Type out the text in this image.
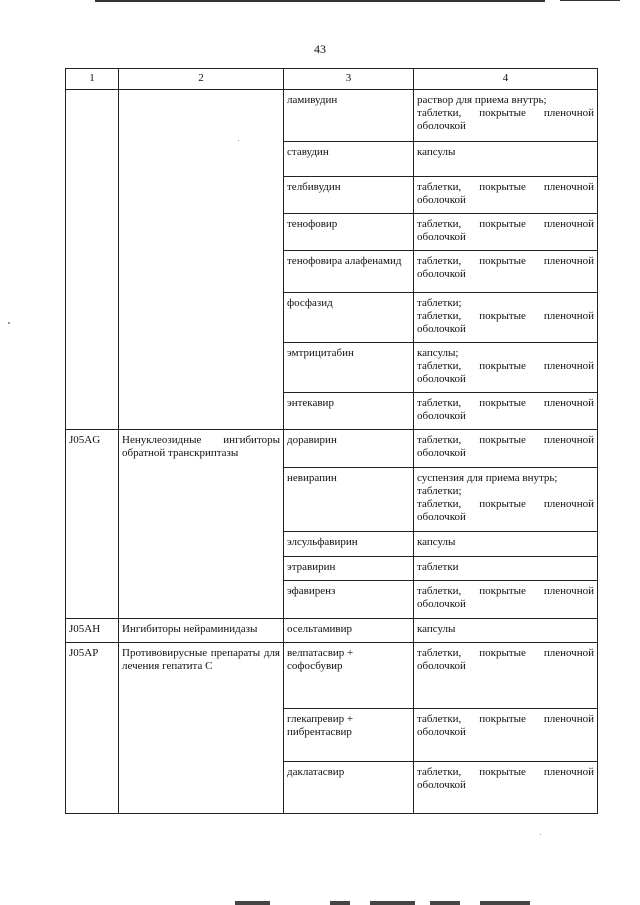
43
1	2	3	4
		ламивудин	раствор для приема внутрь;
таблетки, покрытые пленочной оболочкой

		ставудин	капсулы

		телбивудин	таблетки, покрытые пленочной оболочкой

		тенофовир	таблетки, покрытые пленочной оболочкой

		тенофовира алафенамид	таблетки, покрытые пленочной оболочкой

		фосфазид	таблетки;
таблетки, покрытые пленочной оболочкой

		эмтрицитабин	капсулы;
таблетки, покрытые пленочной оболочкой

		энтекавир	таблетки, покрытые пленочной оболочкой

J05AG	Ненуклеозидные ингибиторы обратной транскриптазы	доравирин	таблетки, покрытые пленочной оболочкой

		невирапин	суспензия для приема внутрь;
таблетки;
таблетки, покрытые пленочной оболочкой

		элсульфавирин	капсулы

		этравирин	таблетки

		эфавиренз	таблетки, покрытые пленочной оболочкой

J05AH	Ингибиторы нейраминидазы	осельтамивир	капсулы

J05AP	Противовирусные препараты для лечения гепатита С	велпатасвир + софосбувир	таблетки, покрытые пленочной оболочкой

		глекапревир + пибрентасвир	таблетки, покрытые пленочной оболочкой

		даклатасвир	таблетки, покрытые пленочной оболочкой
